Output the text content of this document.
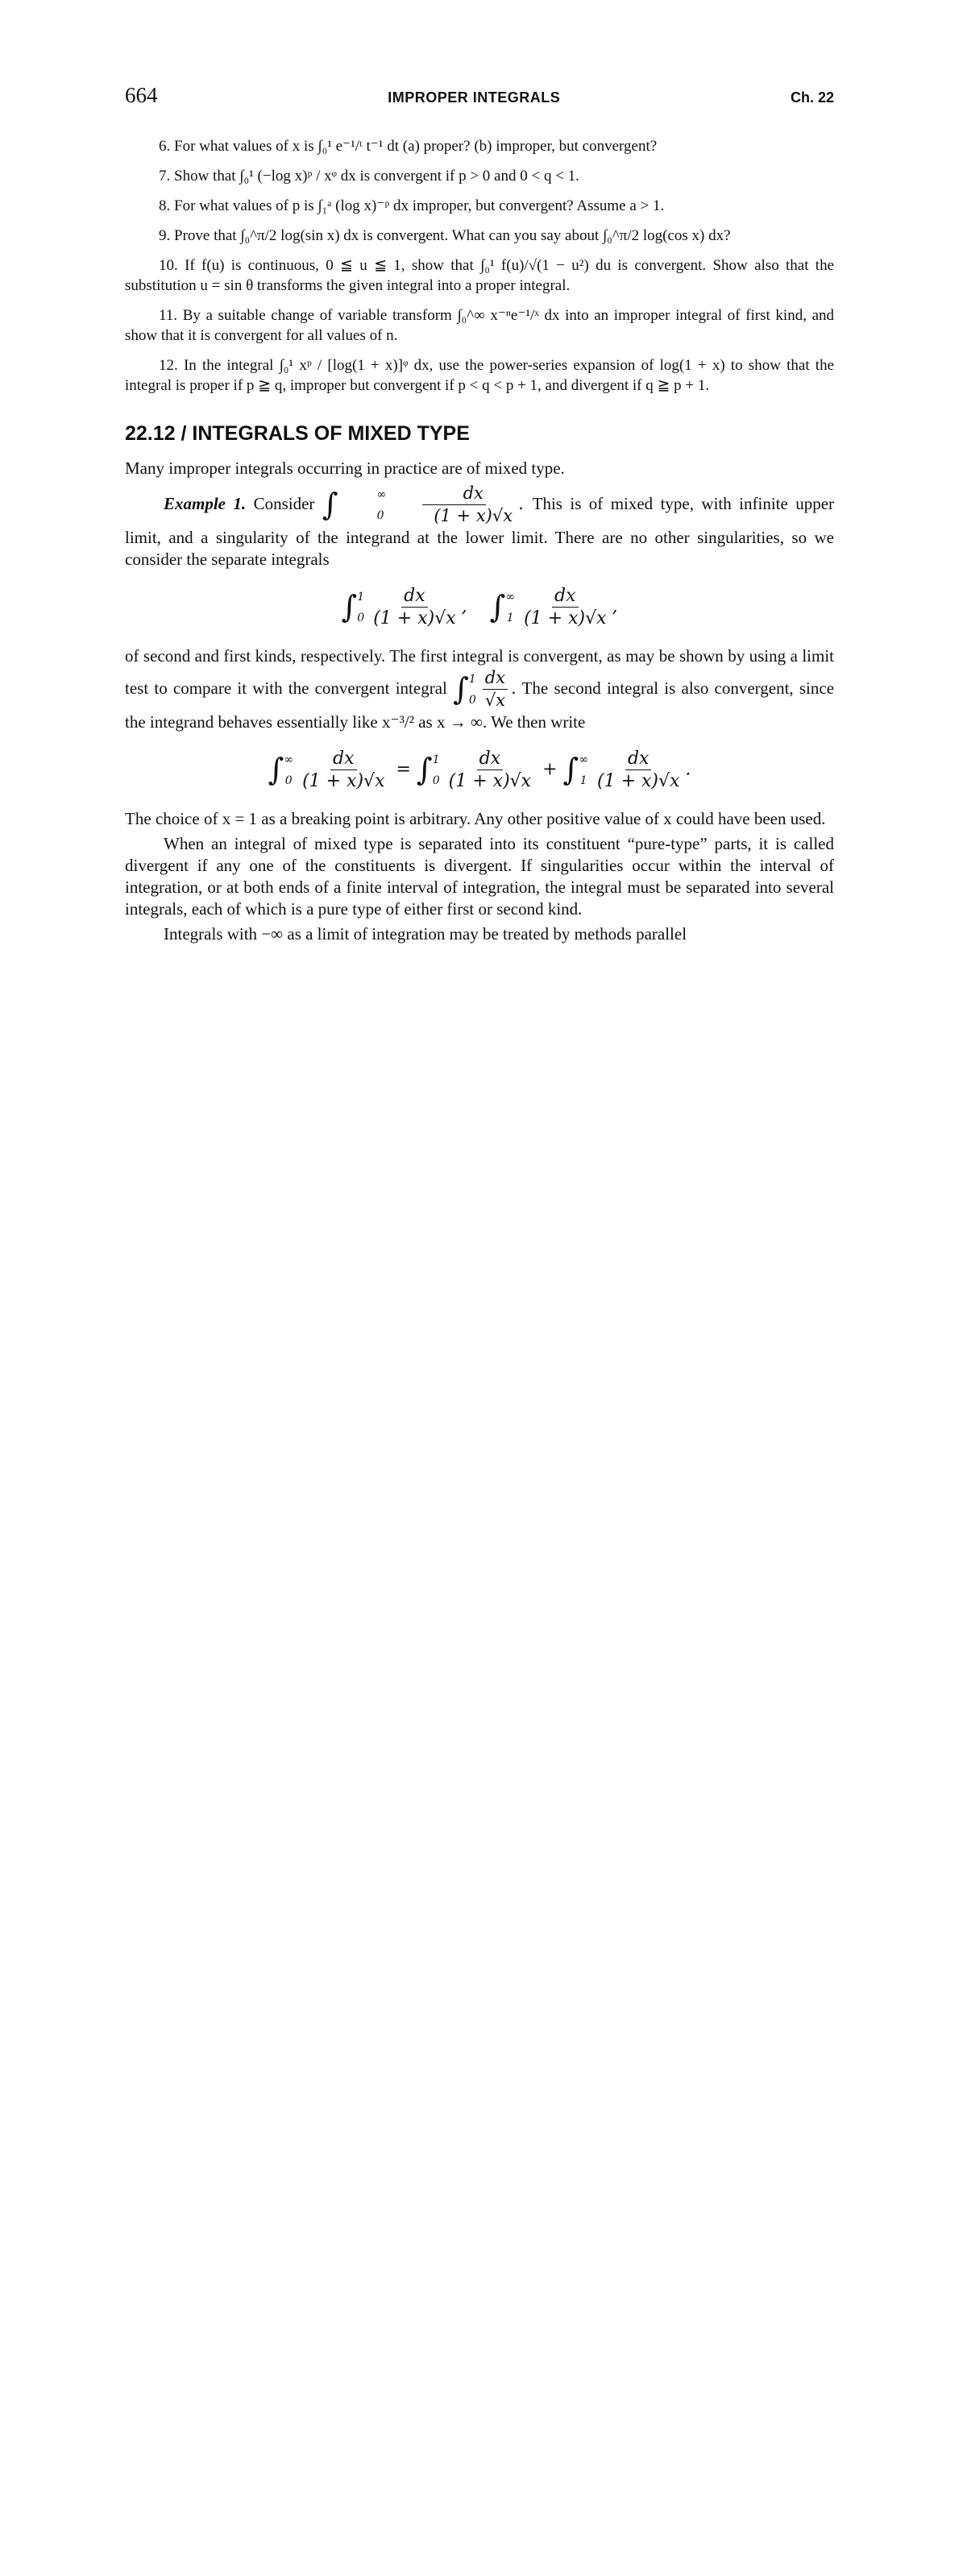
664	IMPROPER INTEGRALS	Ch. 22

6. For what values of x is ∫₀¹ e⁻¹/ᵗ t⁻¹ dt (a) proper? (b) improper, but convergent?

7. Show that ∫₀¹ (−log x)ᵖ / xᵠ dx is convergent if p > 0 and 0 < q < 1.

8. For what values of p is ∫₁ᵃ (log x)⁻ᵖ dx improper, but convergent? Assume a > 1.

9. Prove that ∫₀^π/2 log(sin x) dx is convergent. What can you say about ∫₀^π/2 log(cos x) dx?

10. If f(u) is continuous, 0 ≦ u ≦ 1, show that ∫₀¹ f(u)/√(1 − u²) du is convergent. Show also that the substitution u = sin θ transforms the given integral into a proper integral.

11. By a suitable change of variable transform ∫₀^∞ x⁻ⁿe⁻¹/ˣ dx into an improper integral of first kind, and show that it is convergent for all values of n.

12. In the integral ∫₀¹ xᵖ / [log(1 + x)]ᵠ dx, use the power-series expansion of log(1 + x) to show that the integral is proper if p ≧ q, improper but convergent if p < q < p + 1, and divergent if q ≧ p + 1.

22.12 / INTEGRALS OF MIXED TYPE

Many improper integrals occurring in practice are of mixed type.

Example 1. Consider ∫	∞
$0 \frac{dx}{(1 + x)√x}$ . This is of mixed type, with infinite upper limit, and a singularity of the integrand at the lower limit. There are no other singularities, so we consider the separate integrals

∫ 1
$0 \frac{dx}{(1 + x)√x}$ , ∫ ∞
$1 \frac{dx}{(1 + x)√x}$ ,

of second and first kinds, respectively. The first integral is convergent, as may be shown by using a limit test to compare it with the convergent integral ∫ 1
$0 \frac{dx}{√x}$ . The second integral is also convergent, since the integrand behaves essentially like x⁻³/² as x → ∞. We then write

∫ ∞
$0 \frac{dx}{(1 + x)√x}$ = ∫ 1
$0 \frac{dx}{(1 + x)√x}$ + ∫ ∞
$1 \frac{dx}{(1 + x)√x}$ .

The choice of x = 1 as a breaking point is arbitrary. Any other positive value of x could have been used.

When an integral of mixed type is separated into its constituent “pure-type” parts, it is called divergent if any one of the constituents is divergent. If singularities occur within the interval of integration, or at both ends of a finite interval of integration, the integral must be separated into several integrals, each of which is a pure type of either first or second kind.

Integrals with −∞ as a limit of integration may be treated by methods parallel
